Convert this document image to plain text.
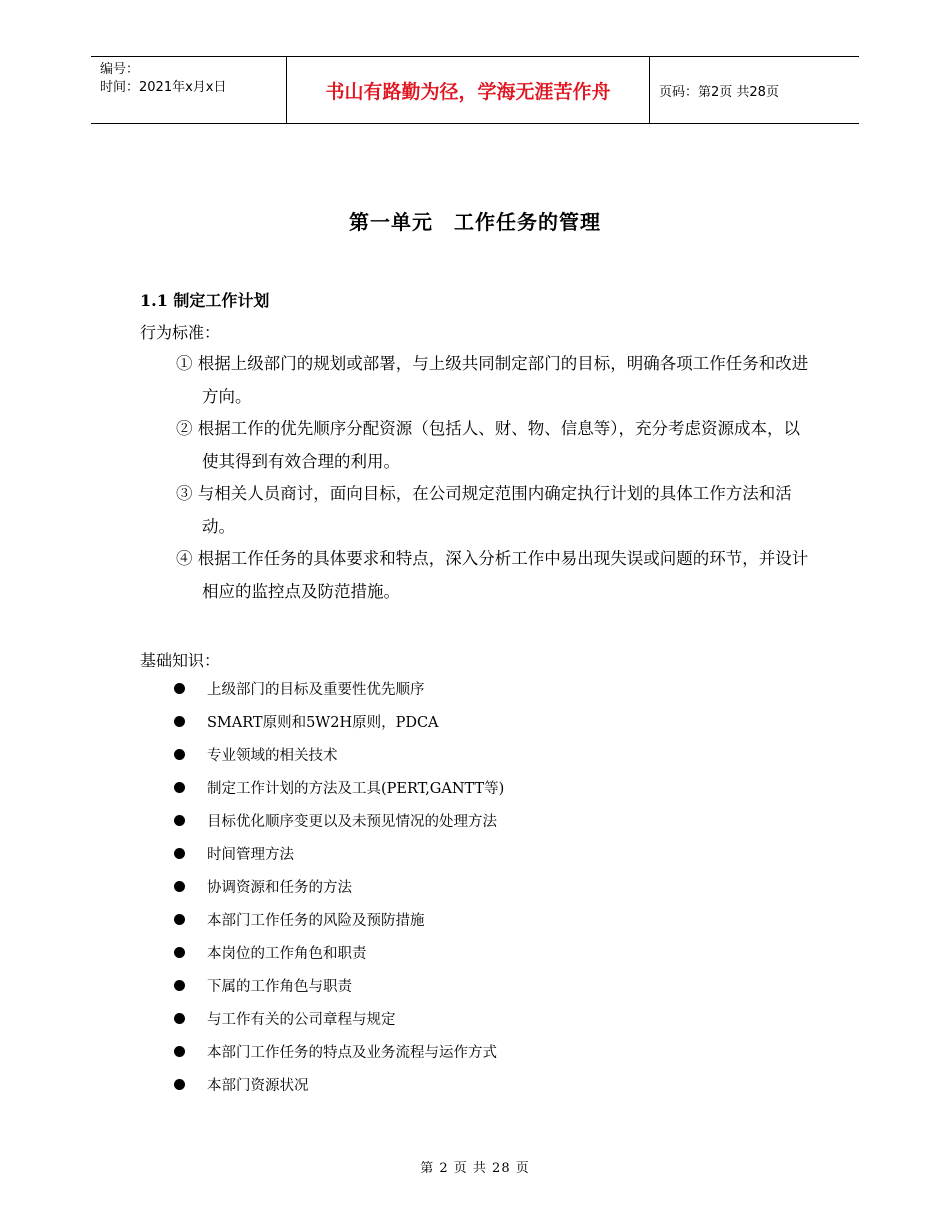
编号：
时间：2021年x月x日	书山有路勤为径，学海无涯苦作舟	页码：第2页 共28页
第一单元　工作任务的管理
1.1 制定工作计划
行为标准：

① 根据上级部门的规划或部署，与上级共同制定部门的目标，明确各项工作任务和改进方向。

② 根据工作的优先顺序分配资源（包括人、财、物、信息等），充分考虑资源成本，以使其得到有效合理的利用。

③ 与相关人员商讨，面向目标，在公司规定范围内确定执行计划的具体工作方法和活动。

④ 根据工作任务的具体要求和特点，深入分析工作中易出现失误或问题的环节，并设计相应的监控点及防范措施。

基础知识：
上级部门的目标及重要性优先顺序
SMART原则和5W2H原则，PDCA
专业领域的相关技术
制定工作计划的方法及工具(PERT,GANTT等)
目标优化顺序变更以及未预见情况的处理方法
时间管理方法
协调资源和任务的方法
本部门工作任务的风险及预防措施
本岗位的工作角色和职责
下属的工作角色与职责
与工作有关的公司章程与规定
本部门工作任务的特点及业务流程与运作方式
本部门资源状况
第 2 页 共 28 页
